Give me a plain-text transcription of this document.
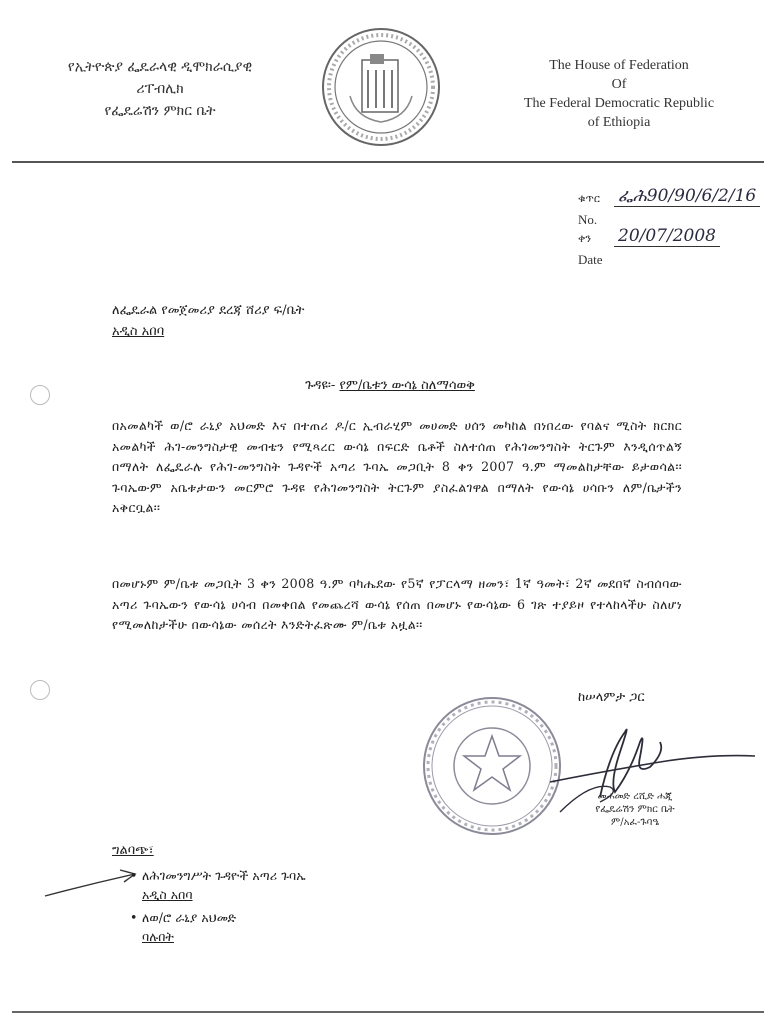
የኢትዮጵያ ፌዴራላዊ ዲሞክራሲያዊ
ሪፐብሊክ
የፌዴሬሽን ምክር ቤት
The House of Federation
Of
The Federal Democratic Republic
of Ethiopia
ቁጥር ፌሕ90/90/6/2/16
No.
ቀን 20/07/2008
Date
ለፌዴራል የመጀመሪያ ደረጃ ሸሪያ ፍ/ቤት
አዲስ አበባ
ጉዳዩ፡- የም/ቤቱን ውሳኔ ስለማሳወቅ
በአመልካች ወ/ሮ ራኒያ አህመድ እና በተጠሪ ዶ/ር ኢብራሂም መሀመድ ሀሰን መካከል በነበረው የባልና ሚስት ክርክር አመልካች ሕገ-መንግስታዊ መብቴን የሚጻረር ውሳኔ በፍርድ ቤቶች ስለተሰጠ የሕገመንግስት ትርጉም እንዲሰጥልኝ በማለት ለፌዴራሉ የሕገ-መንግስት ጉዳዮች አጣሪ ጉባኤ መጋቢት 8 ቀን 2007 ዓ.ም ማመልከታቸው ይታወሳል፡፡ ጉባኤውም አቤቱታውን መርምሮ ጉዳዩ የሕገመንግስት ትርጉም ያስፈልገዋል በማለት የውሳኔ ሀሳቡን ለም/ቤታችን አቅርቧል፡፡
በመሆኑም ም/ቤቱ መጋቢት 3 ቀን 2008 ዓ.ም ባካሔደው የ5ኛ የፓርላማ ዘመን፣ 1ኛ ዓመት፣ 2ኛ መደበኛ ስብሰባው አጣሪ ጉባኤውን የውሳኔ ሀሳብ በመቀበል የመጨረሻ ውሳኔ የሰጠ በመሆኑ የውሳኔው 6 ገጽ ተያይዞ የተላከላችሁ ስለሆነ የሚመለከታችሁ በውሳኔው መሰረት እንድትፈጽሙ ም/ቤቱ አዟል፡፡
ከሠላምታ ጋር
መሐመድ ረሺድ ሐጂ
የፌዴሬሽን ምክር ቤት
ም/አፈ-ጉባዔ
ግልባጭ፣
• ለሕገመንግሥት ጉዳዮች አጣሪ ጉባኤ
አዲስ አበባ
• ለወ/ሮ ራኒያ አህመድ
ባሉበት
